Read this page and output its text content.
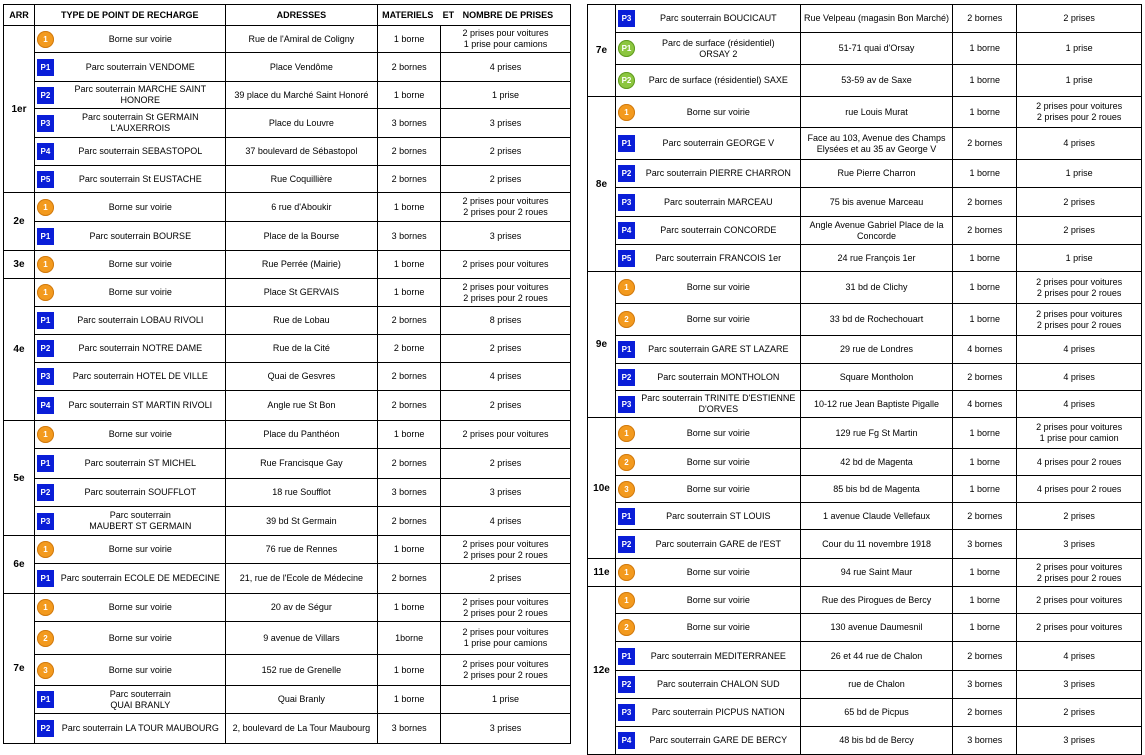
ARR	TYPE DE POINT DE RECHARGE	ADRESSES	MATERIELS	ET NOMBRE DE PRISES
1er	1 Borne sur voirie	Rue de l'Amiral de Coligny	1 borne	2 prises pour voitures
1 prise pour camions

	P1 Parc souterrain VENDOME	Place Vendôme	2 bornes	4 prises

	P2
Parc souterrain MARCHE SAINT HONORE	39 place du Marché Saint Honoré	1 borne	1 prise

	P3
Parc souterrain St GERMAIN L'AUXERROIS	Place du Louvre	3 bornes	3 prises

	P4 Parc souterrain SEBASTOPOL	37 boulevard de Sébastopol	2 bornes	2 prises

	P5 Parc souterrain St EUSTACHE	Rue Coquillière	2 bornes	2 prises
2e	1 Borne sur voirie	6 rue d'Aboukir	1 borne	2 prises pour voitures
2 prises pour 2 roues

	P1 Parc souterrain BOURSE	Place de la Bourse	3 bornes	3 prises
3e	1 Borne sur voirie	Rue Perrée (Mairie)	1 borne	2 prises pour voitures
4e	1 Borne sur voirie	Place St GERVAIS	1 borne	2 prises pour voitures
2 prises pour 2 roues

	P1 Parc souterrain LOBAU RIVOLI	Rue de Lobau	2 bornes	8 prises

	P2 Parc souterrain NOTRE DAME	Rue de la Cité	2 borne	2 prises

	P3 Parc souterrain HOTEL DE VILLE	Quai de Gesvres	2 bornes	4 prises

	P4 Parc souterrain ST MARTIN RIVOLI	Angle rue St Bon	2 bornes	2 prises
5e	1 Borne sur voirie	Place du Panthéon	1 borne	2 prises pour voitures

	P1 Parc souterrain ST MICHEL	Rue Francisque Gay	2 bornes	2 prises

	P2 Parc souterrain SOUFFLOT	18 rue Soufflot	3 bornes	3 prises

	P3
Parc souterrain
MAUBERT ST GERMAIN	39 bd St Germain	2 bornes	4 prises
6e	1 Borne sur voirie	76 rue de Rennes	1 borne	2 prises pour voitures
2 prises pour 2 roues

	P1 Parc souterrain ECOLE DE MEDECINE	21, rue de l'Ecole de Médecine	2 bornes	2 prises
7e	1 Borne sur voirie	20 av de Ségur	1 borne	2 prises pour voitures
2 prises pour 2 roues

	2 Borne sur voirie	9 avenue de Villars	1borne	2 prises pour voitures
1 prise pour camions

	3 Borne sur voirie	152 rue de Grenelle	1 borne	2 prises pour voitures
2 prises pour 2 roues

	P1
Parc souterrain
QUAI BRANLY	Quai Branly	1 borne	1 prise

	P2 Parc souterrain LA TOUR MAUBOURG	2, boulevard de La Tour Maubourg	3 bornes	3 prises
7e	P3 Parc souterrain BOUCICAUT	Rue Velpeau (magasin Bon Marché)	2 bornes	2 prises

	P1
Parc de surface (résidentiel)
ORSAY 2	51-71 quai d'Orsay	1 borne	1 prise

	P2 Parc de surface (résidentiel) SAXE	53-59 av de Saxe	1 borne	1 prise
8e	1 Borne sur voirie	rue Louis Murat	1 borne	2 prises pour voitures
2 prises pour 2 roues

	P1 Parc souterrain GEORGE V	Face au 103, Avenue des Champs Elysées et au 35 av George V	2 bornes	4 prises

	P2 Parc souterrain PIERRE CHARRON	Rue Pierre Charron	1 borne	1 prise

	P3 Parc souterrain MARCEAU	75 bis avenue Marceau	2 bornes	2 prises

	P4 Parc souterrain CONCORDE	Angle Avenue Gabriel Place de la Concorde	2 bornes	2 prises

	P5 Parc souterrain FRANCOIS 1er	24 rue François 1er	1 borne	1 prise
9e	1 Borne sur voirie	31 bd de Clichy	1 borne	2 prises pour voitures
2 prises pour 2 roues

	2 Borne sur voirie	33 bd de Rochechouart	1 borne	2 prises pour voitures
2 prises pour 2 roues

	P1 Parc souterrain GARE ST LAZARE	29 rue de Londres	4 bornes	4 prises

	P2 Parc souterrain MONTHOLON	Square Montholon	2 bornes	4 prises

	P3
Parc souterrain TRINITE D'ESTIENNE D'ORVES	10-12 rue Jean Baptiste Pigalle	4 bornes	4 prises
10e	1 Borne sur voirie	129 rue Fg St Martin	1 borne	2 prises pour voitures
1 prise pour camion

	2 Borne sur voirie	42 bd de Magenta	1 borne	4 prises pour 2 roues

	3 Borne sur voirie	85 bis bd de Magenta	1 borne	4 prises pour 2 roues

	P1 Parc souterrain ST LOUIS	1 avenue Claude Vellefaux	2 bornes	2 prises

	P2 Parc souterrain GARE de l'EST	Cour du 11 novembre 1918	3 bornes	3 prises
11e	1 Borne sur voirie	94 rue Saint Maur	1 borne	2 prises pour voitures
2 prises pour 2 roues
12e	1 Borne sur voirie	Rue des Pirogues de Bercy	1 borne	2 prises pour voitures

	2 Borne sur voirie	130 avenue Daumesnil	1 borne	2 prises pour voitures

	P1 Parc souterrain MEDITERRANEE	26 et 44 rue de Chalon	2 bornes	4 prises

	P2 Parc souterrain CHALON SUD	rue de Chalon	3 bornes	3 prises

	P3 Parc souterrain PICPUS NATION	65 bd de Picpus	2 bornes	2 prises

	P4 Parc souterrain GARE DE BERCY	48 bis bd de Bercy	3 bornes	3 prises
